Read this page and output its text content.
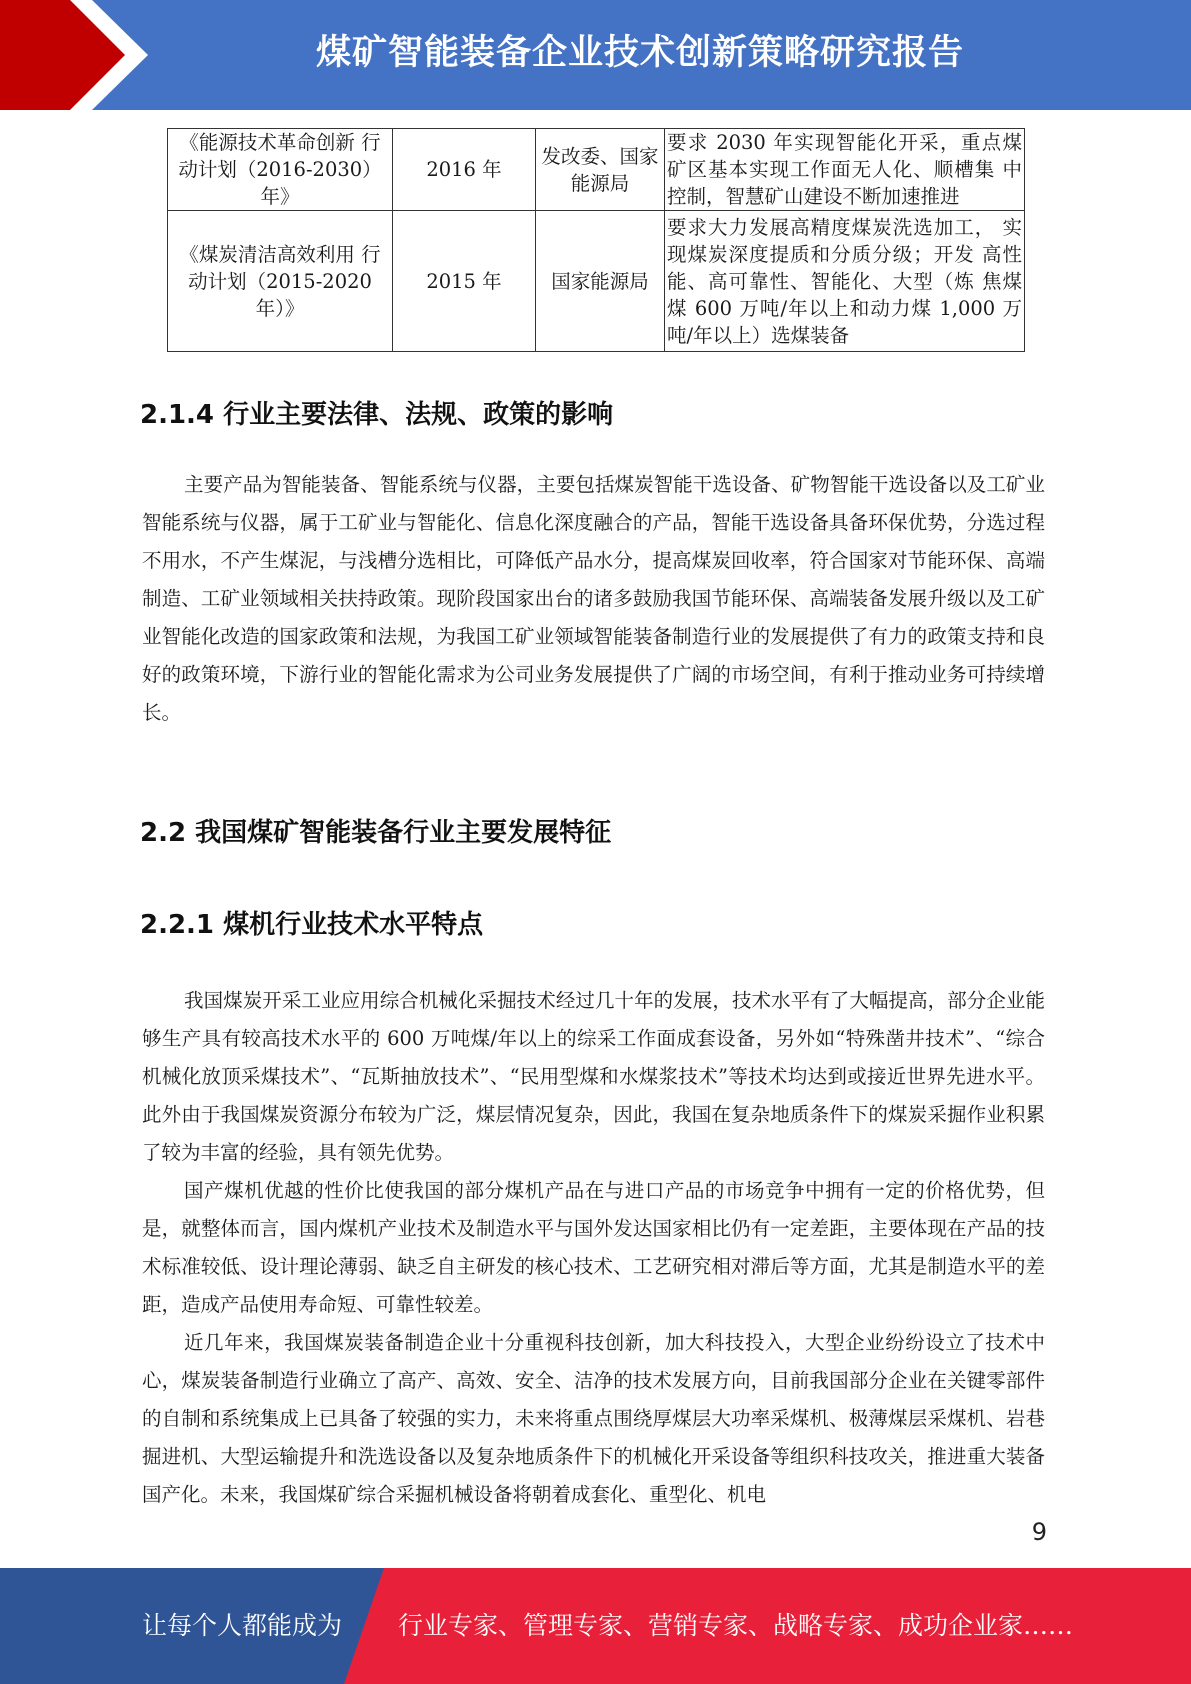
煤矿智能装备企业技术创新策略研究报告
《能源技术革命创新 行动计划（2016-2030）年》	2016 年	发改委、国家能源局	要求 2030 年实现智能化开采，重点煤 矿区基本实现工作面无人化、顺槽集 中控制，智慧矿山建设不断加速推进
《煤炭清洁高效利用 行动计划（2015-2020 年）》	2015 年	国家能源局	要求大力发展高精度煤炭洗选加工， 实现煤炭深度提质和分质分级；开发 高性能、高可靠性、智能化、大型（炼 焦煤煤 600 万吨/年以上和动力煤 1,000 万吨/年以上）选煤装备
2.1.4 行业主要法律、法规、政策的影响

主要产品为智能装备、智能系统与仪器，主要包括煤炭智能干选设备、矿物智能干选设备以及工矿业智能系统与仪器，属于工矿业与智能化、信息化深度融合的产品，智能干选设备具备环保优势，分选过程不用水，不产生煤泥，与浅槽分选相比，可降低产品水分，提高煤炭回收率，符合国家对节能环保、高端制造、工矿业领域相关扶持政策。现阶段国家出台的诸多鼓励我国节能环保、高端装备发展升级以及工矿业智能化改造的国家政策和法规，为我国工矿业领域智能装备制造行业的发展提供了有力的政策支持和良好的政策环境，下游行业的智能化需求为公司业务发展提供了广阔的市场空间，有利于推动业务可持续增长。

2.2 我国煤矿智能装备行业主要发展特征
2.2.1 煤机行业技术水平特点

我国煤炭开采工业应用综合机械化采掘技术经过几十年的发展，技术水平有了大幅提高，部分企业能够生产具有较高技术水平的 600 万吨煤/年以上的综采工作面成套设备，另外如“特殊凿井技术”、“综合机械化放顶采煤技术”、“瓦斯抽放技术”、“民用型煤和水煤浆技术”等技术均达到或接近世界先进水平。此外由于我国煤炭资源分布较为广泛，煤层情况复杂，因此，我国在复杂地质条件下的煤炭采掘作业积累了较为丰富的经验，具有领先优势。

国产煤机优越的性价比使我国的部分煤机产品在与进口产品的市场竞争中拥有一定的价格优势，但是，就整体而言，国内煤机产业技术及制造水平与国外发达国家相比仍有一定差距，主要体现在产品的技术标准较低、设计理论薄弱、缺乏自主研发的核心技术、工艺研究相对滞后等方面，尤其是制造水平的差距，造成产品使用寿命短、可靠性较差。

近几年来，我国煤炭装备制造企业十分重视科技创新，加大科技投入，大型企业纷纷设立了技术中心，煤炭装备制造行业确立了高产、高效、安全、洁净的技术发展方向，目前我国部分企业在关键零部件的自制和系统集成上已具备了较强的实力，未来将重点围绕厚煤层大功率采煤机、极薄煤层采煤机、岩巷掘进机、大型运输提升和洗选设备以及复杂地质条件下的机械化开采设备等组织科技攻关，推进重大装备国产化。未来，我国煤矿综合采掘机械设备将朝着成套化、重型化、机电

9
让每个人都能成为 行业专家、管理专家、营销专家、战略专家、成功企业家……
